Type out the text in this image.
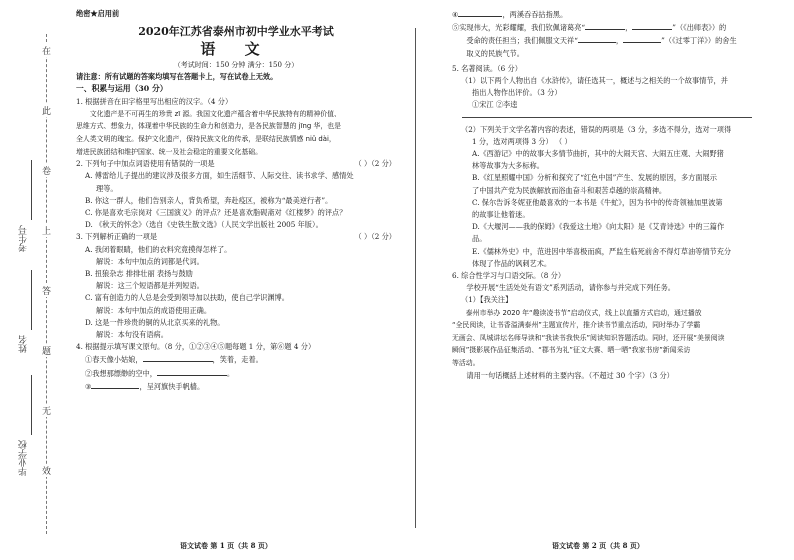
在
此
卷
上
答
题
无
效
考生号
姓名
毕业学校
绝密★启用前
2020年江苏省泰州市初中学业水平考试
语 文
（考试时间：150 分钟 满分：150 分）
请注意：所有试题的答案均填写在答题卡上，写在试卷上无效。
一、积累与运用（30 分）
1. 根据拼音在田字格里写出相应的汉字。（4 分）
文化遗产是不可再生的珍贵 zī 源。我国文化遗产蕴含着中华民族特有的精神价值、
思维方式、想象力，体现着中华民族的生命力和创造力，是各民族智慧的 jīng 华，也是
全人类文明的瑰宝。保护文化遗产，保持民族文化的传承，是联结民族情感 niǔ dài，
增进民族团结和维护国家、统一及社会稳定的重要文化基础。
2. 下列句子中加点词语使用有错误的一项是	（ ）（2 分）
A. 傅雷给儿子提出的建议涉及很多方面，如生活细节、人际交往、读书求学、感情处
理等。
B. 你这一群人，他们告别亲人，背负希望，奔赴疫区，被称为“最美逆行者”。
C. 你是喜欢毛宗岗对《三国演义》的评点？还是喜欢脂砚斋对《红楼梦》的评点？
D. 《秋天的怀念》（选自《史铁生散文选》（人民文学出版社 2005 年版）。
3. 下列解析正确的一项是	（ ）（2 分）
A. 我闭着眼睛，他们的衣料究竟摸得怎样了。
解说：本句中加点的词都是代词。
B. 扭狼杂志 排排壮丽 表扬与鼓励
解说：这三个短语都是并列短语。
C. 富有创造力的人总是会受到领导加以扶助，使自己学识渊博。
解说：本句中加点的成语使用正确。
D. 这是一件珍贵的铜的从北京买来的礼物。
解说：本句没有语病。
4. 根据提示填写课文原句。（8 分，①②③④⑤题每题 1 分，第⑥题 4 分）
①春天像小姑娘，	，笑着，走着。
②我想那缥缈的空中，	。
③	，呈河旗快手帆樯。
④	，两溪吞吞拈指黑。
⑤实现伟大，光彩耀耀，我们钦佩诸葛亮“	，	”（《出师表》）的
受命的责任担当；我们佩服文天祥“	，	”（《过零丁洋》）的舍生
取义的民族气节。
5. 名著阅读。（6 分）
（1）以下两个人物出自《水浒传》，请任选其一，概述与之相关的一个故事情节，并
指出人物作出评价。（3 分）
①宋江 ②李逵
（2）下列关于文学名著内容的表述，错误的两项是（3 分，多选不得分，选对一项得
1 分，选对两项得 3 分） （ ）
A.《西游记》中的故事大多情节曲折，其中的大闹天宫、大闹五庄观、大闹野猪
林等故事为大多标称。
B.《红星照耀中国》分析和探究了“红色中国”产生、发展的原因，多方面展示
了中国共产党为民族解放而浴血奋斗和艰苦卓越的崇高精神。
C. 保尔告诉冬妮亚他最喜欢的一本书是《牛虻》，因为书中的传奇领袖加里波第
的故事让他着迷。
D.《大堰河——我的保姆》《我爱这土地》《向太阳》是《艾青诗选》中的三篇作
品。
E.《儒林外史》中，范进因中举喜极而疯，严监生临死前舍不得灯草油等情节充分
体现了作品的讽刺艺术。
6. 综合性学习与口语交际。（8 分）
学校开展“生活处处有语文”系列活动，请你参与并完成下列任务。
（1）【我关注】
泰州市举办 2020 年“趣读凌书节”启动仪式，线上以直播方式启动，通过播放
“全民阅读，让书香溢满泰州”主题宣传片，推介读书节重点活动，同时举办了学霸
无画会、凤城讲坛名师导读和“我读书我快乐”阅读知识答题活动。同时，还开展“美景阅读
瞬间”摄影展作品征集活动、“郡书为礼”征文大赛、晒一晒“我家书房”新闻采访
等活动。
请用一句话概括上述材料的主要内容。（不超过 30 个字）（3 分）
语文试卷 第 1 页（共 8 页）	语文试卷 第 2 页（共 8 页）
